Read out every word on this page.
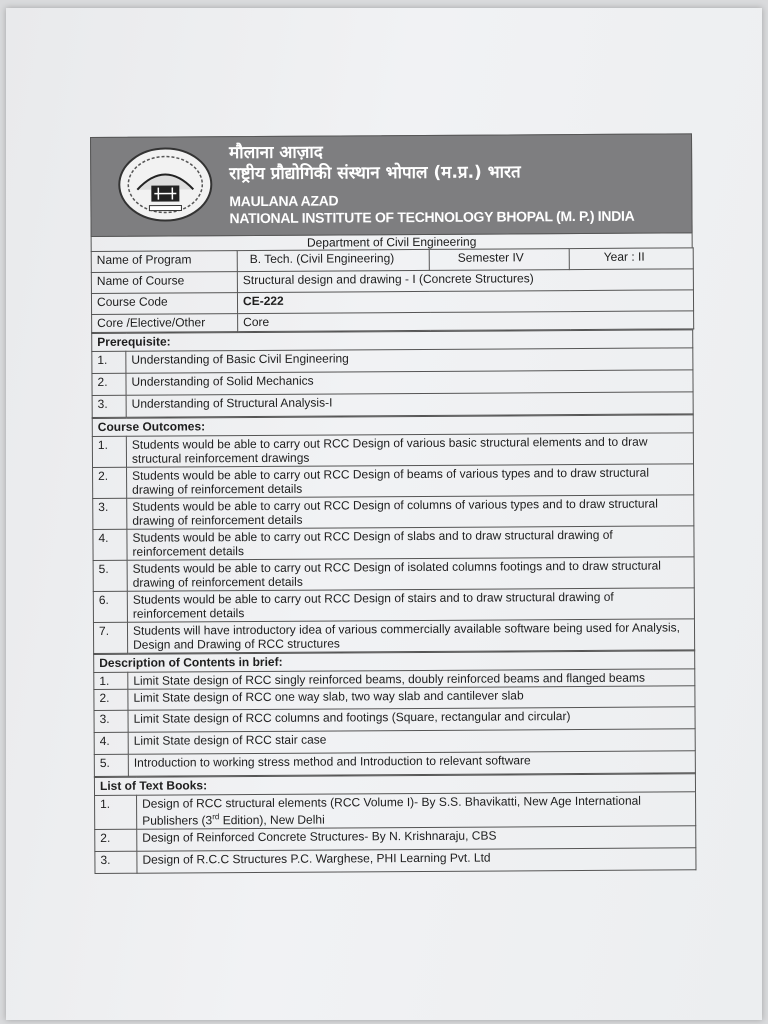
मौलाना आज़ाद
राष्ट्रीय प्रौद्योगिकी संस्थान भोपाल (म.प्र.) भारत
MAULANA AZAD
NATIONAL INSTITUTE OF TECHNOLOGY BHOPAL (M. P.) INDIA
Department of Civil Engineering
Name of Program	B. Tech. (Civil Engineering)	Semester IV	Year : II
Name of Course	Structural design and drawing - I (Concrete Structures)		
Course Code	CE-222		
Core /Elective/Other	Core		
Prerequisite:	
1.	Understanding of Basic Civil Engineering
2.	Understanding of Solid Mechanics
3.	Understanding of Structural Analysis-I
Course Outcomes:	
1.	Students would be able to carry out RCC Design of various basic structural elements and to draw structural reinforcement drawings
2.	Students would be able to carry out RCC Design of beams of various types and to draw structural drawing of reinforcement details
3.	Students would be able to carry out RCC Design of columns of various types and to draw structural drawing of reinforcement details
4.	Students would be able to carry out RCC Design of slabs and to draw structural drawing of reinforcement details
5.	Students would be able to carry out RCC Design of isolated columns footings and to draw structural drawing of reinforcement details
6.	Students would be able to carry out RCC Design of stairs and to draw structural drawing of reinforcement details
7.	Students will have introductory idea of various commercially available software being used for Analysis, Design and Drawing of RCC structures
Description of Contents in brief:	
1.	Limit State design of RCC singly reinforced beams, doubly reinforced beams and flanged beams
2.	Limit State design of RCC one way slab, two way slab and cantilever slab
3.	Limit State design of RCC columns and footings (Square, rectangular and circular)
4.	Limit State design of RCC stair case
5.	Introduction to working stress method and Introduction to relevant software
List of Text Books:	
1.	Design of RCC structural elements (RCC Volume I)- By S.S. Bhavikatti, New Age International Publishers (3rd Edition), New Delhi
2.	Design of Reinforced Concrete Structures- By N. Krishnaraju, CBS
3.	Design of R.C.C Structures P.C. Warghese, PHI Learning Pvt. Ltd
